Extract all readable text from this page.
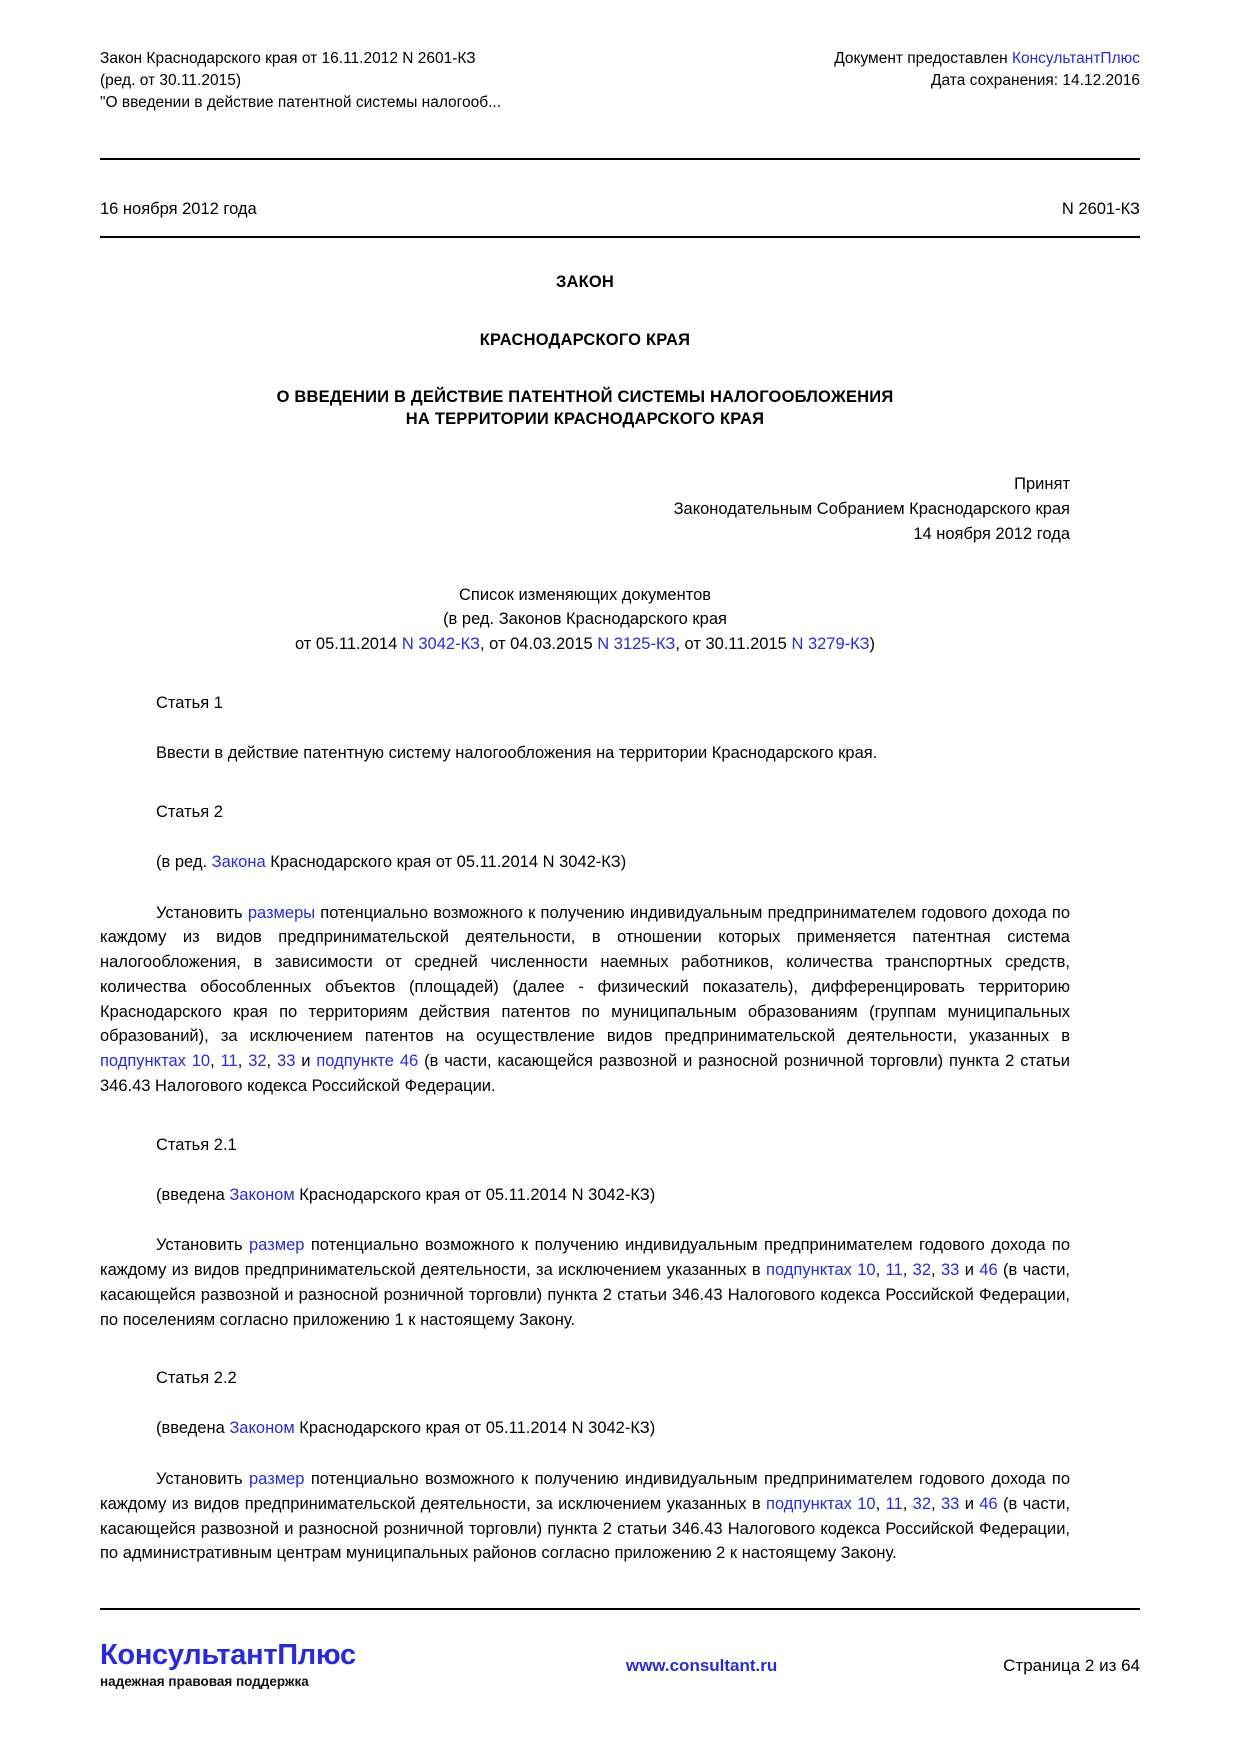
Закон Краснодарского края от 16.11.2012 N 2601-КЗ
(ред. от 30.11.2015)
"О введении в действие патентной системы налогооб...
Документ предоставлен КонсультантПлюс
Дата сохранения: 14.12.2016
16 ноября 2012 года	N 2601-КЗ
ЗАКОН
КРАСНОДАРСКОГО КРАЯ
О ВВЕДЕНИИ В ДЕЙСТВИЕ ПАТЕНТНОЙ СИСТЕМЫ НАЛОГООБЛОЖЕНИЯ
НА ТЕРРИТОРИИ КРАСНОДАРСКОГО КРАЯ
Принят
Законодательным Собранием Краснодарского края
14 ноября 2012 года
Список изменяющих документов
(в ред. Законов Краснодарского края
от 05.11.2014 N 3042-КЗ, от 04.03.2015 N 3125-КЗ, от 30.11.2015 N 3279-КЗ)
Статья 1
Ввести в действие патентную систему налогообложения на территории Краснодарского края.
Статья 2
(в ред. Закона Краснодарского края от 05.11.2014 N 3042-КЗ)
Установить размеры потенциально возможного к получению индивидуальным предпринимателем годового дохода по каждому из видов предпринимательской деятельности, в отношении которых применяется патентная система налогообложения, в зависимости от средней численности наемных работников, количества транспортных средств, количества обособленных объектов (площадей) (далее - физический показатель), дифференцировать территорию Краснодарского края по территориям действия патентов по муниципальным образованиям (группам муниципальных образований), за исключением патентов на осуществление видов предпринимательской деятельности, указанных в подпунктах 10, 11, 32, 33 и подпункте 46 (в части, касающейся развозной и разносной розничной торговли) пункта 2 статьи 346.43 Налогового кодекса Российской Федерации.
Статья 2.1
(введена Законом Краснодарского края от 05.11.2014 N 3042-КЗ)
Установить размер потенциально возможного к получению индивидуальным предпринимателем годового дохода по каждому из видов предпринимательской деятельности, за исключением указанных в подпунктах 10, 11, 32, 33 и 46 (в части, касающейся развозной и разносной розничной торговли) пункта 2 статьи 346.43 Налогового кодекса Российской Федерации, по поселениям согласно приложению 1 к настоящему Закону.
Статья 2.2
(введена Законом Краснодарского края от 05.11.2014 N 3042-КЗ)
Установить размер потенциально возможного к получению индивидуальным предпринимателем годового дохода по каждому из видов предпринимательской деятельности, за исключением указанных в подпунктах 10, 11, 32, 33 и 46 (в части, касающейся развозной и разносной розничной торговли) пункта 2 статьи 346.43 Налогового кодекса Российской Федерации, по административным центрам муниципальных районов согласно приложению 2 к настоящему Закону.
КонсультантПлюс
надежная правовая поддержка
www.consultant.ru	Страница 2 из 64
